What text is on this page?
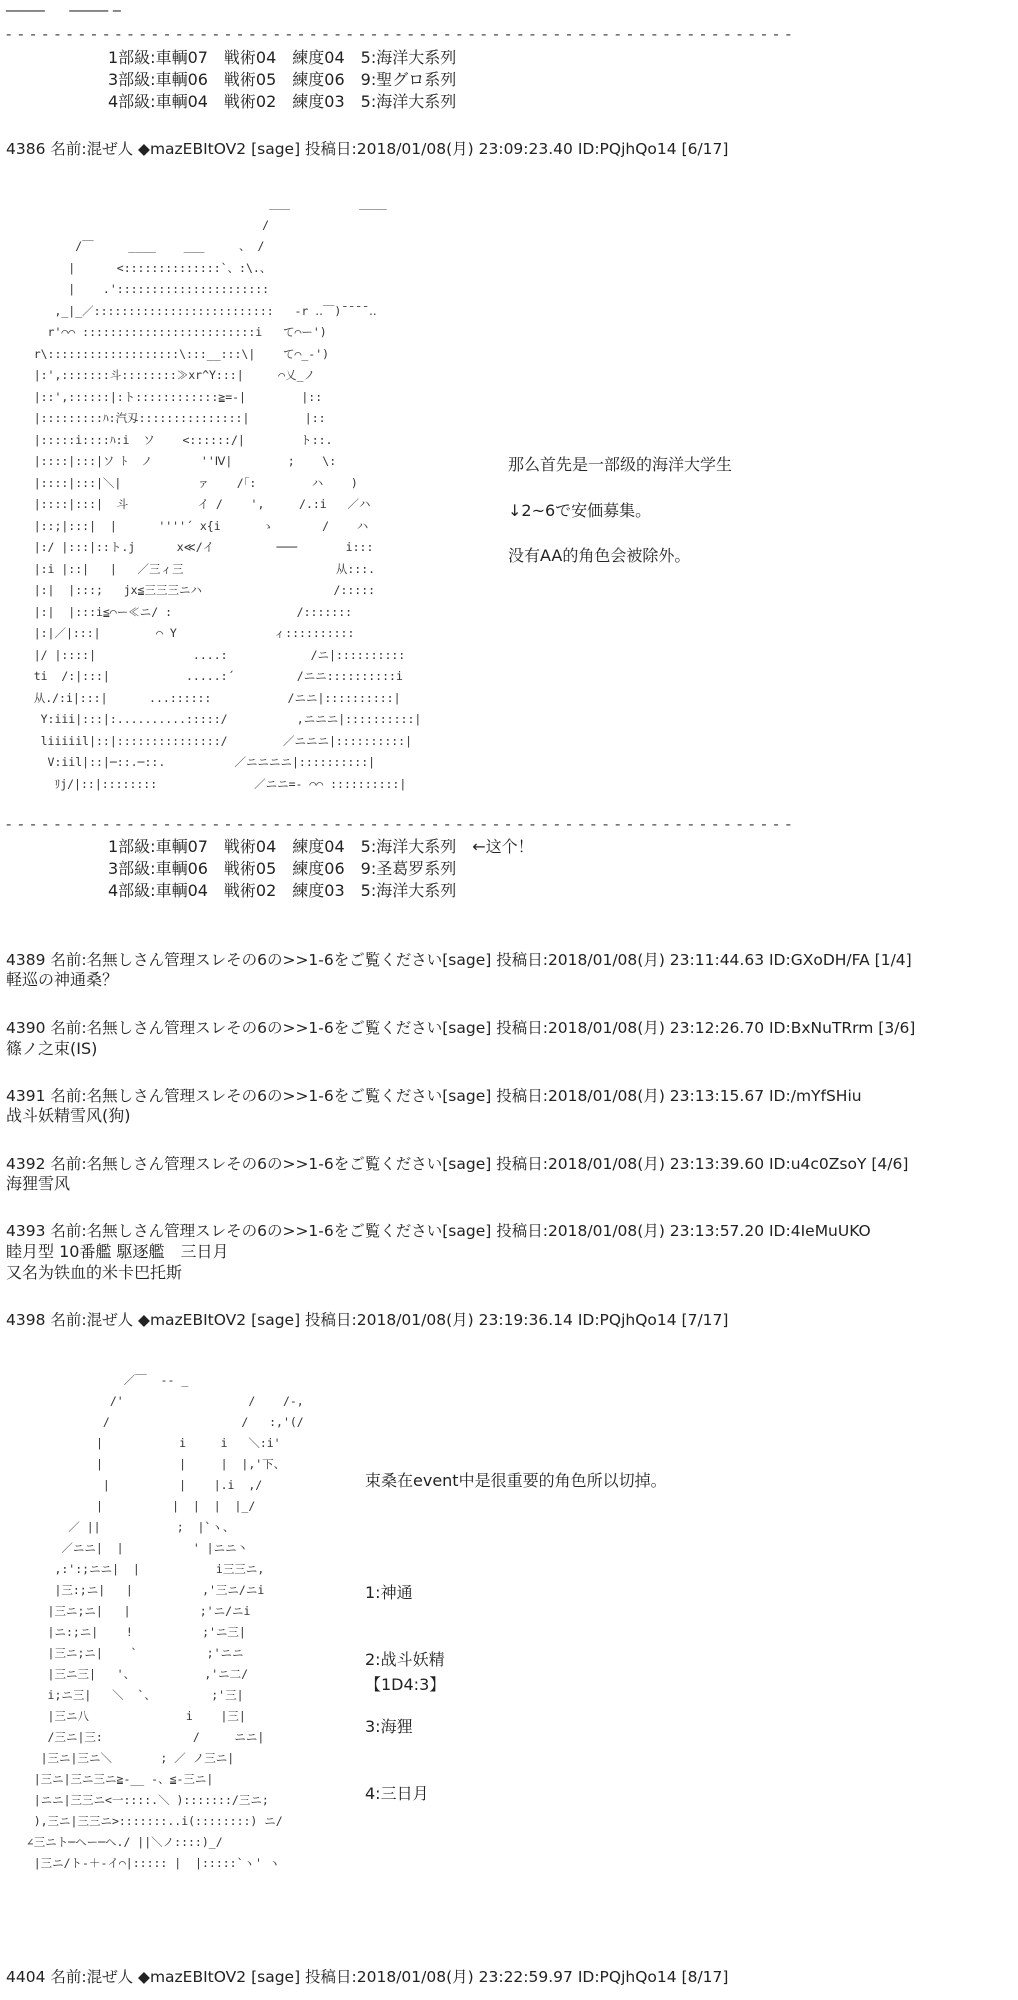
_____     _____ _
- - - - - - - - - - - - - - - - - - - - - - - - - - - - - - - - - - - - - - - - - - - - - - - - - - - - - - - - - - - - - - - - -
1部級:車輌07　戦術04　練度04　5:海洋大系列
3部級:車輌06　戦術05　練度06　9:聖グロ系列
4部級:車輌04　戦術02　練度03　5:海洋大系列
4386 名前:混ぜ人 ◆mazEBItOV2 [sage] 投稿日:2018/01/08(月) 23:09:23.40 ID:PQjhQo14 [6/17]
___          ____
/
/￣     ____    ___     、 /
|      <::::::::::::::`、:\.、
|    .'::::::::::::::::::::::
,_|_／::::::::::::::::::::::::::   -r ‥￣)¯¯¯¯‥
r'⌒⌒ :::::::::::::::::::::::::i   て⌒ー')
r\:::::::::::::::::::\:::__:::\|    て⌒_-')
|:',:::::::斗::::::::≫xr^Y:::|     ⌒乂_ノ
|::',::::::|:ト::::::::::::≧=-|        |::
|:::::::::ﾊ:汽刄:::::::::::::::|        |::
|:::::i::::ﾊ:i  ソ    <::::::/|        ト::.
|::::|:::|ソ ﾄ  ノ       ''Ⅳ|        ;    \:
|::::|:::|＼|           ァ    /｢:        ハ    )
|::::|:::|  斗          イ /    ',     /.:i   ／ハ
|::;|:::|  |      ''''´ x{i      ゝ       /    ハ
|:/ |:::|::ト.j      x≪/イ         ───       i:::
|:i |::|   |   ／三ィ三                      从:::.
|:|  |:::;   jx≦三三三ニハ                   /:::::
|:|  |:::i≦⌒ー≪ニ/ :                  /:::::::
|:|／|:::|        ⌒ Y              ィ::::::::::
|/ |::::|              ....:            /ニ|::::::::::
ti  /:|:::|           .....:´         /ニニ::::::::::i
从./:i|:::|      ...::::::           /ニニ|::::::::::|
Y:iii|:::|:..........:::::/          ,ニニニ|::::::::::|
liiiiil|::|:::::::::::::::/        ／ニニニ|::::::::::|
V:iil|::|─::.─::.          ／ニニニニ|::::::::::|
ﾘj/|::|::::::::              ／ニニ=- ⌒⌒ ::::::::::|
那么首先是一部级的海洋大学生
↓2~6で安価募集。
没有AA的角色会被除外。
- - - - - - - - - - - - - - - - - - - - - - - - - - - - - - - - - - - - - - - - - - - - - - - - - - - - - - - - - - - - - - - - -
1部級:車輌07　戦術04　練度04　5:海洋大系列　←这个！
3部級:車輌06　戦術05　練度06　9:圣葛罗系列
4部級:車輌04　戦術02　練度03　5:海洋大系列
4389 名前:名無しさん管理スレその6の>>1-6をご覧ください[sage] 投稿日:2018/01/08(月) 23:11:44.63 ID:GXoDH/FA [1/4]
軽巡の神通桑？
4390 名前:名無しさん管理スレその6の>>1-6をご覧ください[sage] 投稿日:2018/01/08(月) 23:12:26.70 ID:BxNuTRrm [3/6]
篠ノ之束(IS)
4391 名前:名無しさん管理スレその6の>>1-6をご覧ください[sage] 投稿日:2018/01/08(月) 23:13:15.67 ID:/mYfSHiu
战斗妖精雪风(狗)
4392 名前:名無しさん管理スレその6の>>1-6をご覧ください[sage] 投稿日:2018/01/08(月) 23:13:39.60 ID:u4c0ZsoY [4/6]
海狸雪风
4393 名前:名無しさん管理スレその6の>>1-6をご覧ください[sage] 投稿日:2018/01/08(月) 23:13:57.20 ID:4IeMuUKO
睦月型 10番艦 駆逐艦　三日月
又名为铁血的米卡巴托斯
4398 名前:混ぜ人 ◆mazEBItOV2 [sage] 投稿日:2018/01/08(月) 23:19:36.14 ID:PQjhQo14 [7/17]
／￣  -- _
/'                  /    /-,
/                   /   :,'(/
|           i     i   ＼:i'
|           |     |  |,'下、
|          |    |.i  ,/
|          |  |  |  |_/
／ ||           ;  |`ヽ、
／ニニ|  |          ' |ニニ丶
,:':;ニニ|  |           i三三ニ,
|三:;ニ|   |          ,'三ニ/ニi
|三ニ;ニ|   |          ;'ニ/ニi
|ニ:;ニ|    !          ;'ニ三|
|三ニ;ニ|    `          ;'ニニ
|三ニ三|   '、          ,'ニ二/
i;ニ三|   ＼  `、        ;'三|
|三ニ八              i    |三|
/三ニ|三:             /     ニニ|
|三ニ|三ニ＼       ; ／ ノ三ニ|
|三ニ|三ニ三ニ≧-__ -、≦-三ニ|
|ニニ|三三ニ<一::::.＼ ):::::::/三ニ;
),三ニ|三三ニ>:::::::..i(::::::::) ニ/
∠三ニト─ヘー─へ./ ||＼ノ::::)_/
|三ニ/ト-＋-イ⌒|::::: |  |:::::`ヽ' ヽ
束桑在event中是很重要的角色所以切掉。

1:神通

2:战斗妖精

3:海狸

4:三日月

【1D4:3】
4404 名前:混ぜ人 ◆mazEBItOV2 [sage] 投稿日:2018/01/08(月) 23:22:59.97 ID:PQjhQo14 [8/17]
